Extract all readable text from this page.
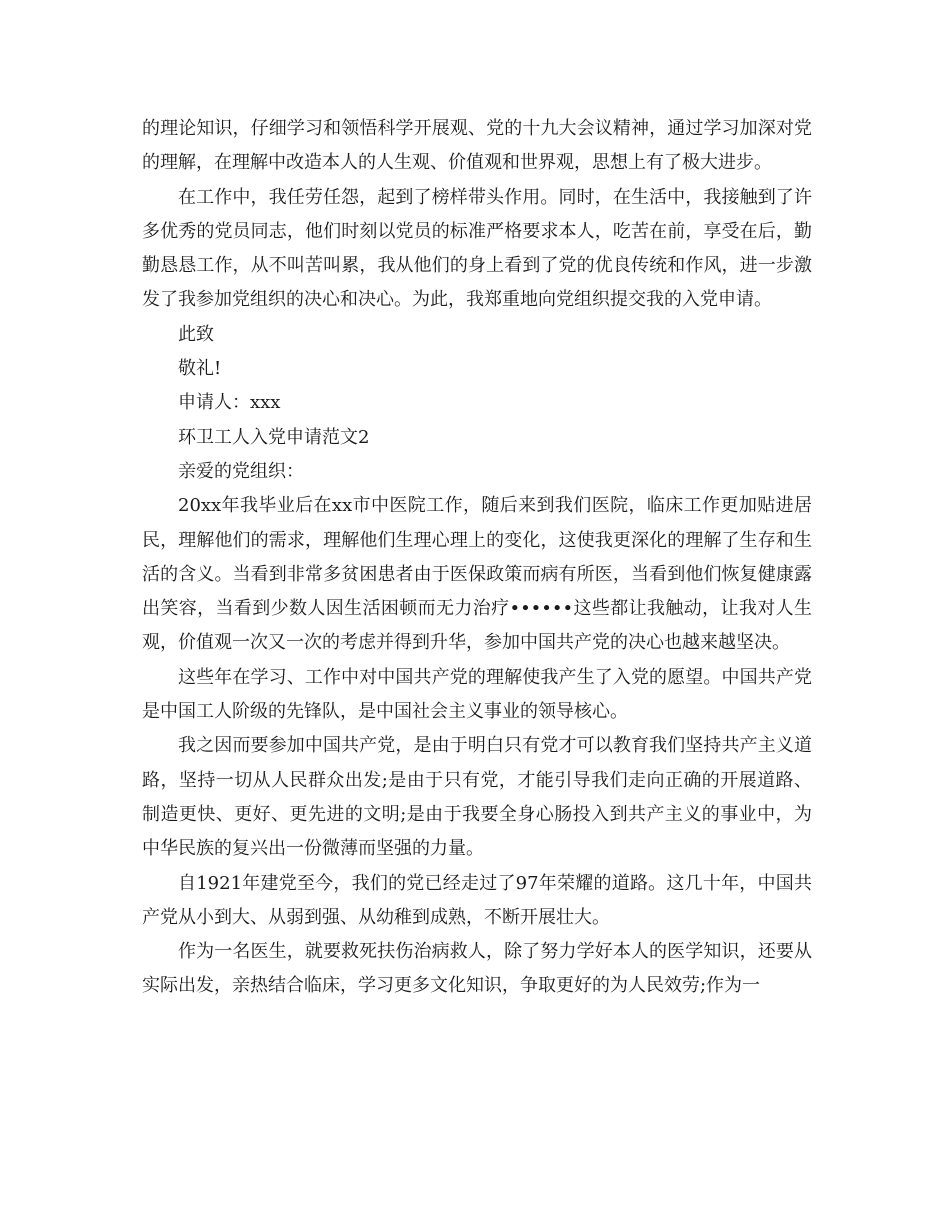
的理论知识，仔细学习和领悟科学开展观、党的十九大会议精神，通过学习加深对党的理解，在理解中改造本人的人生观、价值观和世界观，思想上有了极大进步。

在工作中，我任劳任怨，起到了榜样带头作用。同时，在生活中，我接触到了许多优秀的党员同志，他们时刻以党员的标准严格要求本人，吃苦在前，享受在后，勤勤恳恳工作，从不叫苦叫累，我从他们的身上看到了党的优良传统和作风，进一步激发了我参加党组织的决心和决心。为此，我郑重地向党组织提交我的入党申请。

此致

敬礼!

申请人：xxx

环卫工人入党申请范文2

亲爱的党组织：

20xx年我毕业后在xx市中医院工作，随后来到我们医院，临床工作更加贴进居民，理解他们的需求，理解他们生理心理上的变化，这使我更深化的理解了生存和生活的含义。当看到非常多贫困患者由于医保政策而病有所医，当看到他们恢复健康露出笑容，当看到少数人因生活困顿而无力治疗••••••这些都让我触动，让我对人生观，价值观一次又一次的考虑并得到升华，参加中国共产党的决心也越来越坚决。

这些年在学习、工作中对中国共产党的理解使我产生了入党的愿望。中国共产党是中国工人阶级的先锋队，是中国社会主义事业的领导核心。

我之因而要参加中国共产党，是由于明白只有党才可以教育我们坚持共产主义道路，坚持一切从人民群众出发;是由于只有党，才能引导我们走向正确的开展道路、制造更快、更好、更先进的文明;是由于我要全身心肠投入到共产主义的事业中，为中华民族的复兴出一份微薄而坚强的力量。

自1921年建党至今，我们的党已经走过了97年荣耀的道路。这几十年，中国共产党从小到大、从弱到强、从幼稚到成熟，不断开展壮大。

作为一名医生，就要救死扶伤治病救人，除了努力学好本人的医学知识，还要从实际出发，亲热结合临床，学习更多文化知识，争取更好的为人民效劳;作为一
